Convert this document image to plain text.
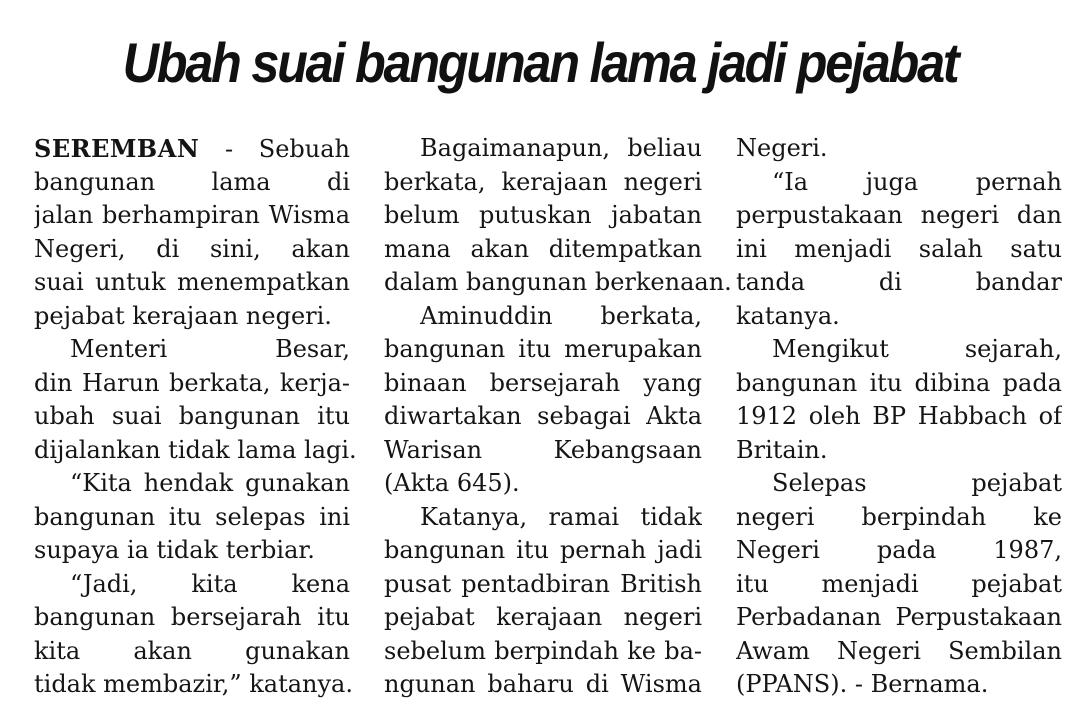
Ubah suai bangunan lama jadi pejabat
SEREMBAN - Sebuah
bangunan lama di
jalan berhampiran Wisma
Negeri, di sini, akan
suai untuk menempatkan
pejabat kerajaan negeri.
Menteri Besar,
din Harun berkata, kerja-
ubah suai bangunan itu
dijalankan tidak lama lagi.
“Kita hendak gunakan
bangunan itu selepas ini
supaya ia tidak terbiar.
“Jadi, kita kena
bangunan bersejarah itu
kita akan gunakan
tidak membazir,” katanya.
Bagaimanapun, beliau
berkata, kerajaan negeri
belum putuskan jabatan
mana akan ditempatkan
dalam bangunan berkenaan.
Aminuddin berkata,
bangunan itu merupakan
binaan bersejarah yang
diwartakan sebagai Akta
Warisan Kebangsaan
(Akta 645).
Katanya, ramai tidak
bangunan itu pernah jadi
pusat pentadbiran British
pejabat kerajaan negeri
sebelum berpindah ke ba-
ngunan baharu di Wisma
Negeri.
“Ia juga pernah
perpustakaan negeri dan
ini menjadi salah satu
tanda di bandar
katanya.
Mengikut sejarah,
bangunan itu dibina pada
1912 oleh BP Habbach of
Britain.
Selepas pejabat
negeri berpindah ke
Negeri pada 1987,
itu menjadi pejabat
Perbadanan Perpustakaan
Awam Negeri Sembilan
(PPANS). - Bernama.
